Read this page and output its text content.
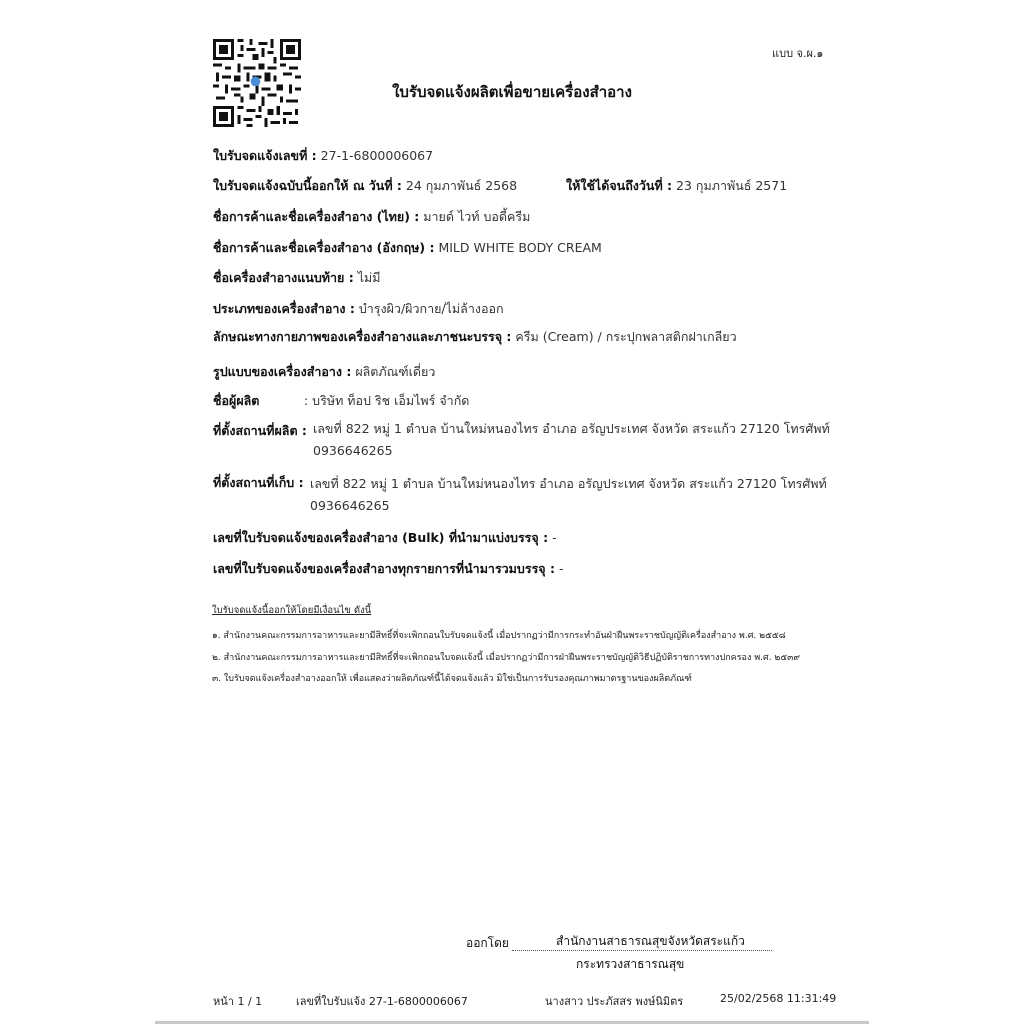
แบบ จ.ผ.๑
ใบรับจดแจ้งผลิตเพื่อขายเครื่องสำอาง
ใบรับจดแจ้งเลขที่ : 27-1-6800006067
ใบรับจดแจ้งฉบับนี้ออกให้ ณ วันที่ : 24 กุมภาพันธ์ 2568	ให้ใช้ได้จนถึงวันที่ : 23 กุมภาพันธ์ 2571
ชื่อการค้าและชื่อเครื่องสำอาง (ไทย) : มายด์ ไวท์ บอดี้ครีม
ชื่อการค้าและชื่อเครื่องสำอาง (อังกฤษ) : MILD WHITE BODY CREAM
ชื่อเครื่องสำอางแนบท้าย : ไม่มี
ประเภทของเครื่องสำอาง : บำรุงผิว/ผิวกาย/ไม่ล้างออก
ลักษณะทางกายภาพของเครื่องสำอางและภาชนะบรรจุ : ครีม (Cream) / กระปุกพลาสติกฝาเกลียว
รูปแบบของเครื่องสำอาง : ผลิตภัณฑ์เดี่ยว
ชื่อผู้ผลิต	: บริษัท ท็อป ริช เอ็มไพร์ จำกัด
ที่ตั้งสถานที่ผลิต : เลขที่ 822 หมู่ 1 ตำบล บ้านใหม่หนองไทร อำเภอ อรัญประเทศ จังหวัด สระแก้ว 27120 โทรศัพท์
0936646265
ที่ตั้งสถานที่เก็บ : เลขที่ 822 หมู่ 1 ตำบล บ้านใหม่หนองไทร อำเภอ อรัญประเทศ จังหวัด สระแก้ว 27120 โทรศัพท์
0936646265
เลขที่ใบรับจดแจ้งของเครื่องสำอาง (Bulk) ที่นำมาแบ่งบรรจุ : -
เลขที่ใบรับจดแจ้งของเครื่องสำอางทุกรายการที่นำมารวมบรรจุ : -
ใบรับจดแจ้งนี้ออกให้โดยมีเงื่อนไข ดังนี้
๑. สำนักงานคณะกรรมการอาหารและยามีสิทธิ์ที่จะเพิกถอนใบรับจดแจ้งนี้ เมื่อปรากฏว่ามีการกระทำอันฝ่าฝืนพระราชบัญญัติเครื่องสำอาง พ.ศ. ๒๕๕๘
๒. สำนักงานคณะกรรมการอาหารและยามีสิทธิ์ที่จะเพิกถอนใบจดแจ้งนี้ เมื่อปรากฏว่ามีการฝ่าฝืนพระราชบัญญัติวิธีปฏิบัติราชการทางปกครอง พ.ศ. ๒๕๓๙
๓. ใบรับจดแจ้งเครื่องสำอางออกให้ เพื่อแสดงว่าผลิตภัณฑ์นี้ได้จดแจ้งแล้ว มิใช่เป็นการรับรองคุณภาพมาตรฐานของผลิตภัณฑ์
ออกโดย	สำนักงานสาธารณสุขจังหวัดสระแก้ว
กระทรวงสาธารณสุข
หน้า 1 / 1	เลขที่ใบรับแจ้ง 27-1-6800006067	นางสาว ประภัสสร พงษ์นิมิตร	25/02/2568 11:31:49
